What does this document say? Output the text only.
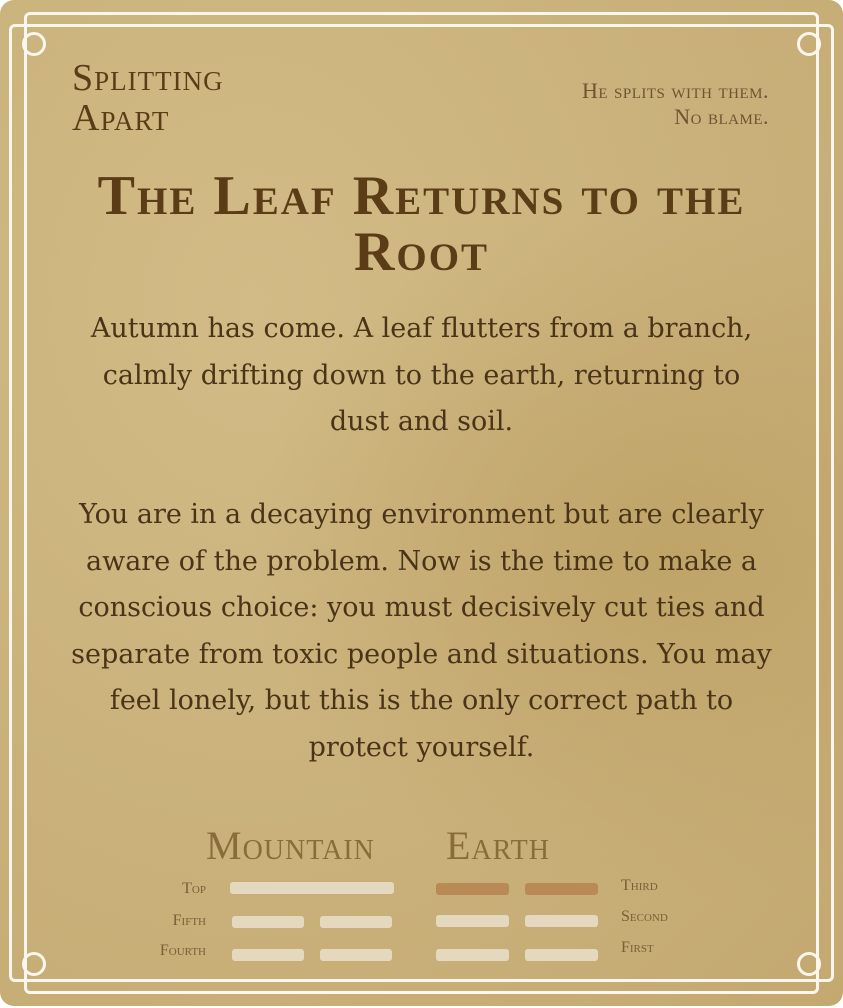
Splitting
Apart
He splits with them.
No blame.
The Leaf Returns to the Root

Autumn has come. A leaf flutters from a branch, calmly drifting down to the earth, returning to dust and soil.

You are in a decaying environment but are clearly aware of the problem. Now is the time to make a conscious choice: you must decisively cut ties and separate from toxic people and situations. You may feel lonely, but this is the only correct path to protect yourself.

Mountain Earth
Top
Fifth
Fourth
Third
Second
First
